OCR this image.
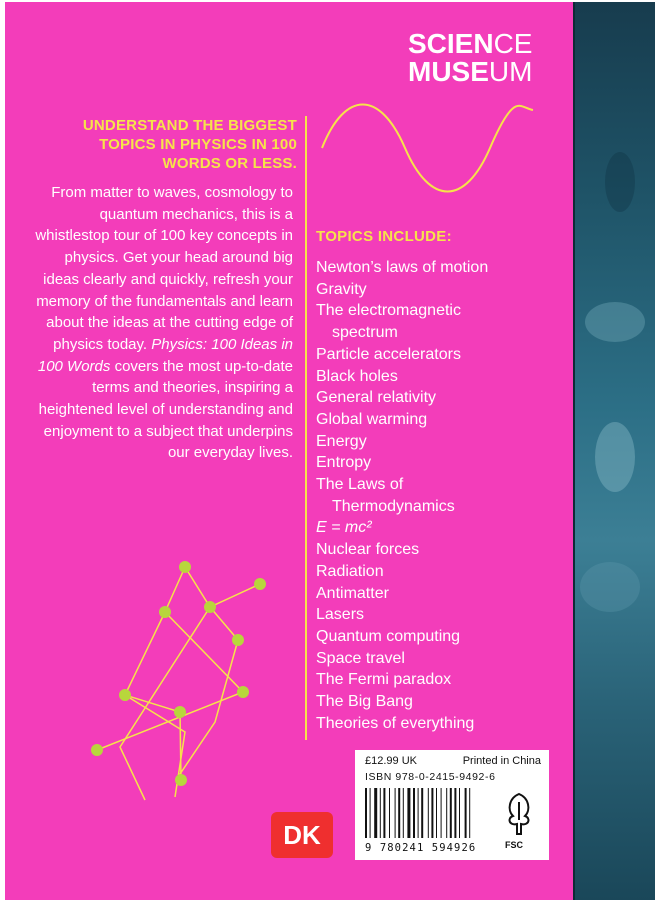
SCIENCE
MUSEUM
UNDERSTAND THE BIGGEST TOPICS IN PHYSICS IN 100 WORDS OR LESS.
From matter to waves, cosmology to quantum mechanics, this is a whistlestop tour of 100 key concepts in physics. Get your head around big ideas clearly and quickly, refresh your memory of the fundamentals and learn about the ideas at the cutting edge of physics today. Physics: 100 Ideas in 100 Words covers the most up-to-date terms and theories, inspiring a heightened level of understanding and enjoyment to a subject that underpins our everyday lives.
TOPICS INCLUDE:
Newton’s laws of motion
Gravity
The electromagnetic
spectrum
Particle accelerators
Black holes
General relativity
Global warming
Energy
Entropy
The Laws of
Thermodynamics
E = mc²
Nuclear forces
Radiation
Antimatter
Lasers
Quantum computing
Space travel
The Fermi paradox
The Big Bang
Theories of everything
DK
£12.99 UK	Printed in China
ISBN 978-0-2415-9492-6
9 780241 594926	FSC
